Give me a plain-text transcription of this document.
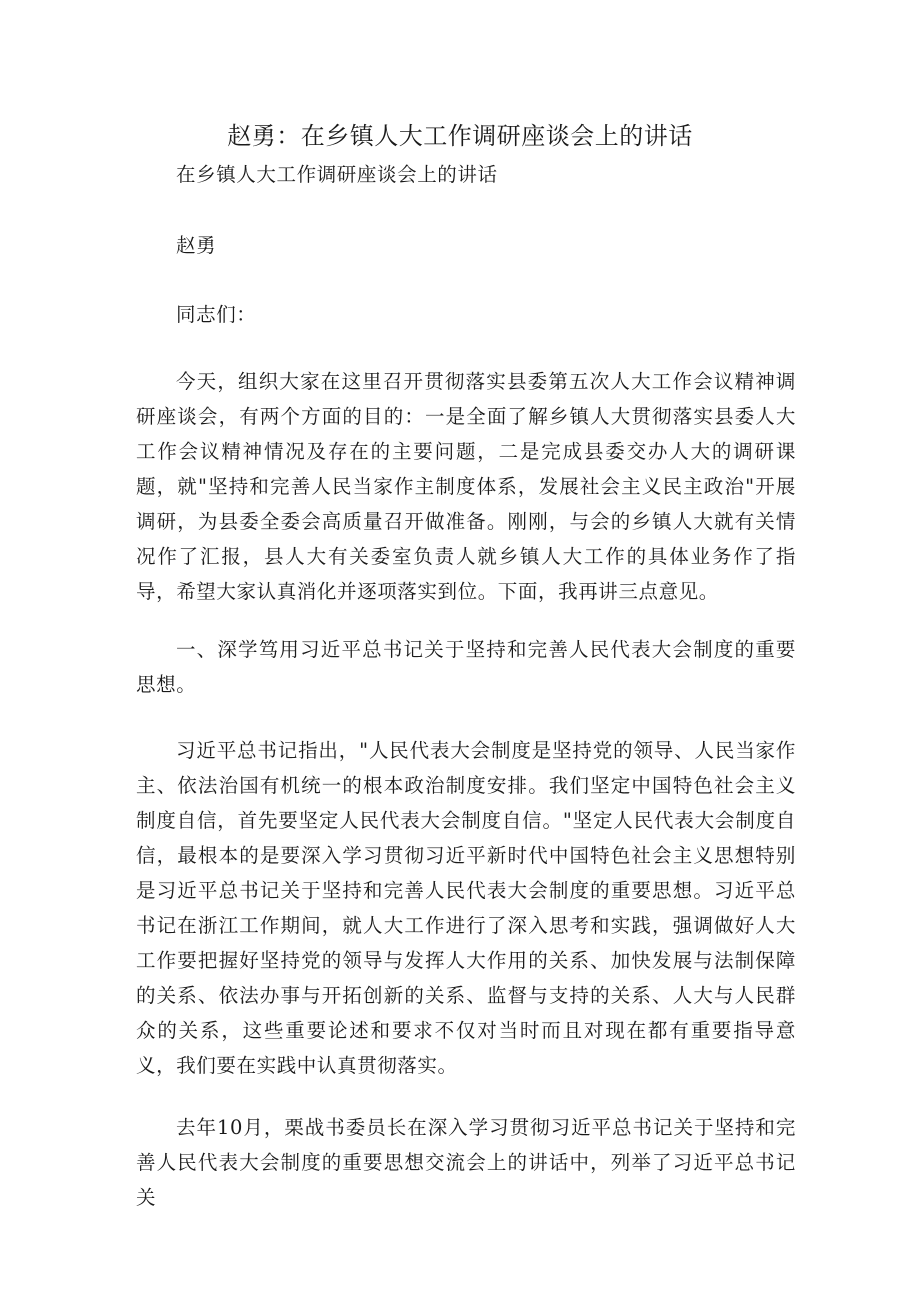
赵勇：在乡镇人大工作调研座谈会上的讲话

在乡镇人大工作调研座谈会上的讲话

赵勇

同志们：

今天，组织大家在这里召开贯彻落实县委第五次人大工作会议精神调研座谈会，有两个方面的目的：一是全面了解乡镇人大贯彻落实县委人大工作会议精神情况及存在的主要问题，二是完成县委交办人大的调研课题，就"坚持和完善人民当家作主制度体系，发展社会主义民主政治"开展调研，为县委全委会高质量召开做准备。刚刚，与会的乡镇人大就有关情况作了汇报，县人大有关委室负责人就乡镇人大工作的具体业务作了指导，希望大家认真消化并逐项落实到位。下面，我再讲三点意见。

一、深学笃用习近平总书记关于坚持和完善人民代表大会制度的重要思想。

习近平总书记指出，"人民代表大会制度是坚持党的领导、人民当家作主、依法治国有机统一的根本政治制度安排。我们坚定中国特色社会主义制度自信，首先要坚定人民代表大会制度自信。"坚定人民代表大会制度自信，最根本的是要深入学习贯彻习近平新时代中国特色社会主义思想特别是习近平总书记关于坚持和完善人民代表大会制度的重要思想。习近平总书记在浙江工作期间，就人大工作进行了深入思考和实践，强调做好人大工作要把握好坚持党的领导与发挥人大作用的关系、加快发展与法制保障的关系、依法办事与开拓创新的关系、监督与支持的关系、人大与人民群众的关系，这些重要论述和要求不仅对当时而且对现在都有重要指导意义，我们要在实践中认真贯彻落实。

去年10月，栗战书委员长在深入学习贯彻习近平总书记关于坚持和完善人民代表大会制度的重要思想交流会上的讲话中，列举了习近平总书记关
